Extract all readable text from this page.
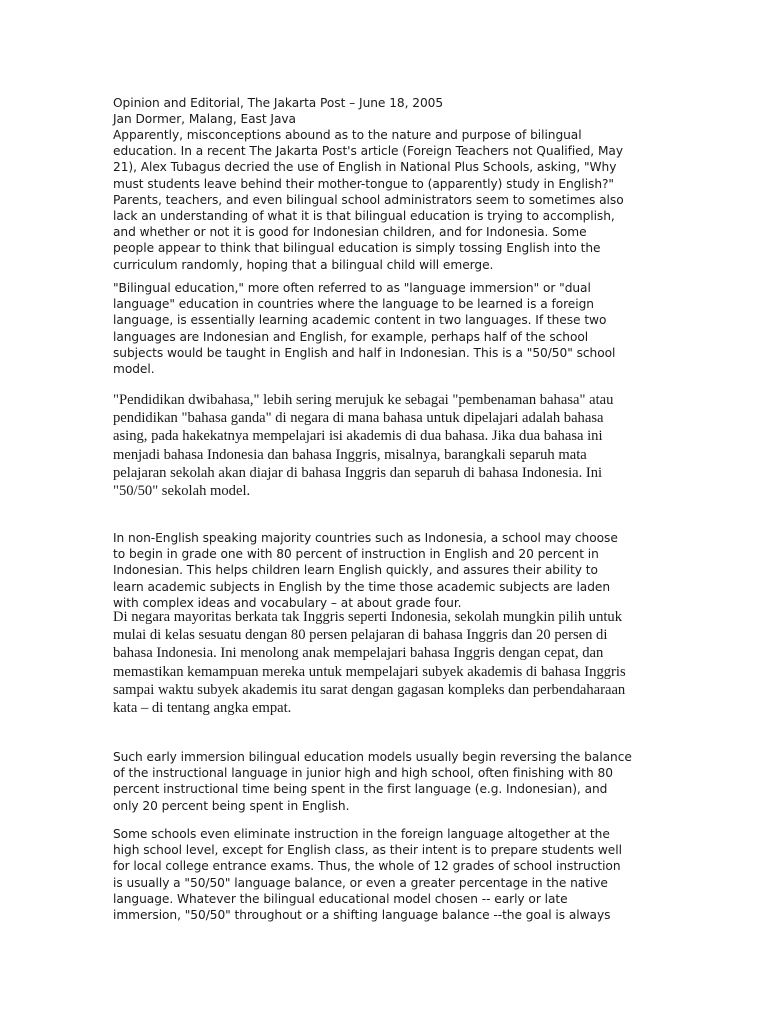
Opinion and Editorial, The Jakarta Post – June 18, 2005
Jan Dormer, Malang, East Java
Apparently, misconceptions abound as to the nature and purpose of bilingual
education. In a recent The Jakarta Post's article (Foreign Teachers not Qualified, May
21), Alex Tubagus decried the use of English in National Plus Schools, asking, "Why
must students leave behind their mother-tongue to (apparently) study in English?"
Parents, teachers, and even bilingual school administrators seem to sometimes also
lack an understanding of what it is that bilingual education is trying to accomplish,
and whether or not it is good for Indonesian children, and for Indonesia. Some
people appear to think that bilingual education is simply tossing English into the
curriculum randomly, hoping that a bilingual child will emerge.
"Bilingual education," more often referred to as "language immersion" or "dual
language" education in countries where the language to be learned is a foreign
language, is essentially learning academic content in two languages. If these two
languages are Indonesian and English, for example, perhaps half of the school
subjects would be taught in English and half in Indonesian. This is a "50/50" school
model.
"Pendidikan dwibahasa," lebih sering merujuk ke sebagai "pembenaman bahasa" atau
pendidikan "bahasa ganda" di negara di mana bahasa untuk dipelajari adalah bahasa
asing, pada hakekatnya mempelajari isi akademis di dua bahasa. Jika dua bahasa ini
menjadi bahasa Indonesia dan bahasa Inggris, misalnya, barangkali separuh mata
pelajaran sekolah akan diajar di bahasa Inggris dan separuh di bahasa Indonesia. Ini
"50/50" sekolah model.
In non-English speaking majority countries such as Indonesia, a school may choose
to begin in grade one with 80 percent of instruction in English and 20 percent in
Indonesian. This helps children learn English quickly, and assures their ability to
learn academic subjects in English by the time those academic subjects are laden
with complex ideas and vocabulary – at about grade four.
Di negara mayoritas berkata tak Inggris seperti Indonesia, sekolah mungkin pilih untuk
mulai di kelas sesuatu dengan 80 persen pelajaran di bahasa Inggris dan 20 persen di
bahasa Indonesia. Ini menolong anak mempelajari bahasa Inggris dengan cepat, dan
memastikan kemampuan mereka untuk mempelajari subyek akademis di bahasa Inggris
sampai waktu subyek akademis itu sarat dengan gagasan kompleks dan perbendaharaan
kata – di tentang angka empat.
Such early immersion bilingual education models usually begin reversing the balance
of the instructional language in junior high and high school, often finishing with 80
percent instructional time being spent in the first language (e.g. Indonesian), and
only 20 percent being spent in English.
Some schools even eliminate instruction in the foreign language altogether at the
high school level, except for English class, as their intent is to prepare students well
for local college entrance exams. Thus, the whole of 12 grades of school instruction
is usually a "50/50" language balance, or even a greater percentage in the native
language. Whatever the bilingual educational model chosen -- early or late
immersion, "50/50" throughout or a shifting language balance --the goal is always
